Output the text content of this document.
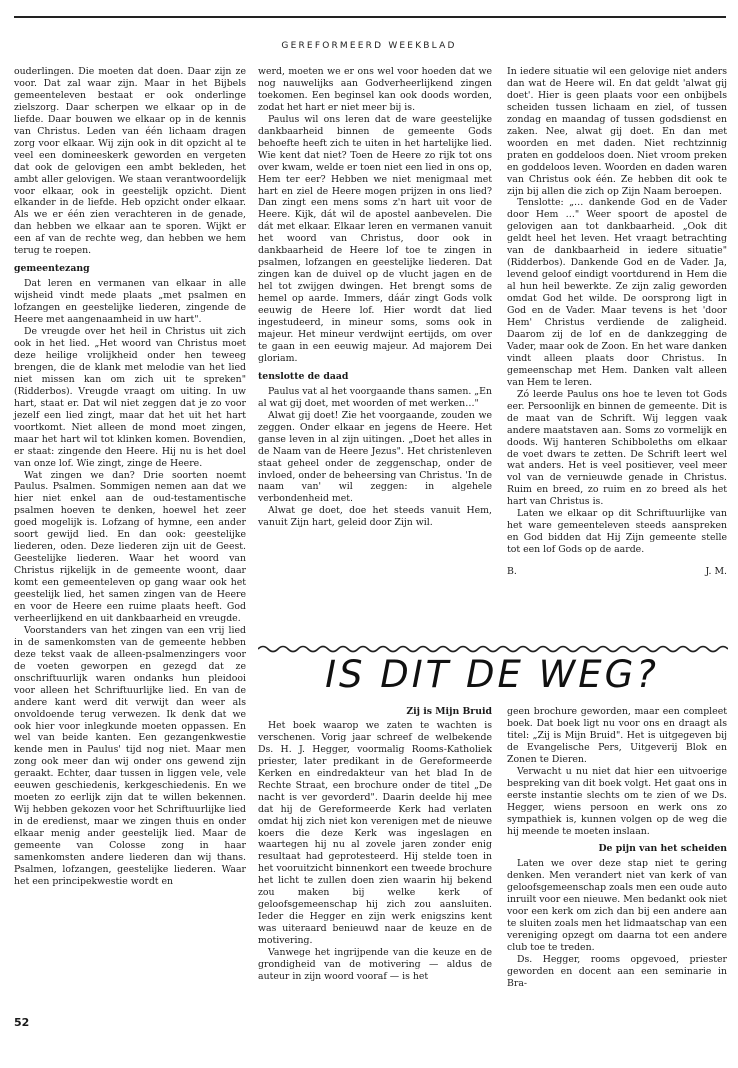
GEREFORMEERD WEEKBLAD

ouderlingen. Die moeten dat doen. Daar zijn ze voor. Dat zal waar zijn. Maar in het Bijbels gemeenteleven bestaat er ook onderlinge zielszorg. Daar scherpen we elkaar op in de liefde. Daar bouwen we elkaar op in de kennis van Christus. Leden van één lichaam dragen zorg voor elkaar. Wij zijn ook in dit opzicht al te veel een domineeskerk geworden en vergeten dat ook de gelovigen een ambt bekleden, het ambt aller gelovigen. We staan verantwoordelijk voor elkaar, ook in geestelijk opzicht. Dient elkander in de liefde. Heb opzicht onder elkaar. Als we er één zien verachteren in de genade, dan hebben we elkaar aan te sporen. Wijkt er een af van de rechte weg, dan hebben we hem terug te roepen.

gemeentezang

Dat leren en vermanen van elkaar in alle wijsheid vindt mede plaats „met psalmen en lofzangen en geestelijke liederen, zingende de Heere met aangenaamheid in uw hart".

De vreugde over het heil in Christus uit zich ook in het lied. „Het woord van Christus moet deze heilige vrolijkheid onder hen teweeg brengen, die de klank met melodie van het lied niet missen kan om zich uit te spreken" (Ridderbos). Vreugde vraagt om uiting. In uw hart, staat er. Dat wil niet zeggen dat je zo voor jezelf een lied zingt, maar dat het uit het hart voortkomt. Niet alleen de mond moet zingen, maar het hart wil tot klinken komen. Bovendien, er staat: zingende den Heere. Hij nu is het doel van onze lof. Wie zingt, zinge de Heere.

Wat zingen we dan? Drie soorten noemt Paulus. Psalmen. Sommigen nemen aan dat we hier niet enkel aan de oud-testamentische psalmen hoeven te denken, hoewel het zeer goed mogelijk is. Lofzang of hymne, een ander soort gewijd lied. En dan ook: geestelijke liederen, oden. Deze liederen zijn uit de Geest. Geestelijke liederen. Waar het woord van Christus rijkelijk in de gemeente woont, daar komt een gemeenteleven op gang waar ook het geestelijk lied, het samen zingen van de Heere en voor de Heere een ruime plaats heeft. God verheerlijkend en uit dankbaarheid en vreugde.

Voorstanders van het zingen van een vrij lied in de samenkomsten van de gemeente hebben deze tekst vaak de alleen-psalmenzingers voor de voeten geworpen en gezegd dat ze onschriftuurlijk waren ondanks hun pleidooi voor alleen het Schriftuurlijke lied. En van de andere kant werd dit verwijt dan weer als onvoldoende terug verwezen. Ik denk dat we ook hier voor inlegkunde moeten oppassen. En wel van beide kanten. Een gezangenkwestie kende men in Paulus' tijd nog niet. Maar men zong ook meer dan wij onder ons gewend zijn geraakt. Echter, daar tussen in liggen vele, vele eeuwen geschiedenis, kerkgeschiedenis. En we moeten zo eerlijk zijn dat te willen bekennen. Wij hebben gekozen voor het Schriftuurlijke lied in de eredienst, maar we zingen thuis en onder elkaar menig ander geestelijk lied. Maar de gemeente van Colosse zong in haar samenkomsten andere liederen dan wij thans. Psalmen, lofzangen, geestelijke liederen. Waar het een principekwestie wordt en

werd, moeten we er ons wel voor hoeden dat we nog nauwelijks aan Godverheerlijkend zingen toekomen. Een beginsel kan ook doods worden, zodat het hart er niet meer bij is.

Paulus wil ons leren dat de ware geestelijke dankbaarheid binnen de gemeente Gods behoefte heeft zich te uiten in het hartelijke lied. Wie kent dat niet? Toen de Heere zo rijk tot ons over kwam, welde er toen niet een lied in ons op, Hem ter eer? Hebben we niet menigmaal met hart en ziel de Heere mogen prijzen in ons lied? Dan zingt een mens soms z'n hart uit voor de Heere. Kijk, dát wil de apostel aanbevelen. Die dát met elkaar. Elkaar leren en vermanen vanuit het woord van Christus, door ook in dankbaarheid de Heere lof toe te zingen in psalmen, lofzangen en geestelijke liederen. Dat zingen kan de duivel op de vlucht jagen en de hel tot zwijgen dwingen. Het brengt soms de hemel op aarde. Immers, dáár zingt Gods volk eeuwig de Heere lof. Hier wordt dat lied ingestudeerd, in mineur soms, soms ook in majeur. Het mineur verdwijnt eertijds, om over te gaan in een eeuwig majeur. Ad majorem Dei gloriam.

tenslotte de daad

Paulus vat al het voorgaande thans samen. „En al wat gij doet, met woorden of met werken…"

Alwat gij doet! Zie het voorgaande, zouden we zeggen. Onder elkaar en jegens de Heere. Het ganse leven in al zijn uitingen. „Doet het alles in de Naam van de Heere Jezus". Het christenleven staat geheel onder de zeggenschap, onder de invloed, onder de beheersing van Christus. 'In de naam van' wil zeggen: in algehele verbondenheid met.

Alwat ge doet, doe het steeds vanuit Hem, vanuit Zijn hart, geleid door Zijn wil.

In iedere situatie wil een gelovige niet anders dan wat de Heere wil. En dat geldt 'alwat gij doet'. Hier is geen plaats voor een onbijbels scheiden tussen lichaam en ziel, of tussen zondag en maandag of tussen godsdienst en zaken. Nee, alwat gij doet. En dan met woorden en met daden. Niet rechtzinnig praten en goddeloos doen. Niet vroom preken en goddeloos leven. Woorden en daden waren van Christus ook één. Ze hebben dit ook te zijn bij allen die zich op Zijn Naam beroepen.

Tenslotte: „… dankende God en de Vader door Hem …" Weer spoort de apostel de gelovigen aan tot dankbaarheid. „Ook dit geldt heel het leven. Het vraagt betrachting van de dankbaarheid in iedere situatie" (Ridderbos). Dankende God en de Vader. Ja, levend geloof eindigt voortdurend in Hem die al hun heil bewerkte. Ze zijn zalig geworden omdat God het wilde. De oorsprong ligt in God en de Vader. Maar tevens is het 'door Hem' Christus verdiende de zaligheid. Daarom zij de lof en de dankzegging de Vader, maar ook de Zoon. En het ware danken vindt alleen plaats door Christus. In gemeenschap met Hem. Danken valt alleen van Hem te leren.

Zó leerde Paulus ons hoe te leven tot Gods eer. Persoonlijk en binnen de gemeente. Dit is de maat van de Schrift. Wij leggen vaak andere maatstaven aan. Soms zo vormelijk en doods. Wij hanteren Schibboleths om elkaar de voet dwars te zetten. De Schrift leert wel wat anders. Het is veel positiever, veel meer vol van de vernieuwde genade in Christus. Ruim en breed, zo ruim en zo breed als het hart van Christus is.

Laten we elkaar op dit Schriftuurlijke van het ware gemeenteleven steeds aanspreken en God bidden dat Hij Zijn gemeente stelle tot een lof Gods op de aarde.

B.	J. M.
IS DIT DE WEG?
Zij is Mijn Bruid

Het boek waarop we zaten te wachten is verschenen. Vorig jaar schreef de welbekende Ds. H. J. Hegger, voormalig Rooms-Katholiek priester, later predikant in de Gereformeerde Kerken en eindredakteur van het blad In de Rechte Straat, een brochure onder de titel „De nacht is ver gevorderd". Daarin deelde hij mee dat hij de Gereformeerde Kerk had verlaten omdat hij zich niet kon verenigen met de nieuwe koers die deze Kerk was ingeslagen en waartegen hij nu al zovele jaren zonder enig resultaat had geprotesteerd. Hij stelde toen in het vooruitzicht binnenkort een tweede brochure het licht te zullen doen zien waarin hij bekend zou maken bij welke kerk of geloofsgemeenschap hij zich zou aansluiten. Ieder die Hegger en zijn werk enigszins kent was uiteraard benieuwd naar de keuze en de motivering.

Vanwege het ingrijpende van die keuze en de grondigheid van de motivering — aldus de auteur in zijn woord vooraf — is het

geen brochure geworden, maar een compleet boek. Dat boek ligt nu voor ons en draagt als titel: „Zij is Mijn Bruid". Het is uitgegeven bij de Evangelische Pers, Uitgeverij Blok en Zonen te Dieren.

Verwacht u nu niet dat hier een uitvoerige bespreking van dit boek volgt. Het gaat ons in eerste instantie slechts om te zien of we Ds. Hegger, wiens persoon en werk ons zo sympathiek is, kunnen volgen op de weg die hij meende te moeten inslaan.

De pijn van het scheiden

Laten we over deze stap niet te gering denken. Men verandert niet van kerk of van geloofsgemeenschap zoals men een oude auto inruilt voor een nieuwe. Men bedankt ook niet voor een kerk om zich dan bij een andere aan te sluiten zoals men het lidmaatschap van een vereniging opzegt om daarna tot een andere club toe te treden.

Ds. Hegger, rooms opgevoed, priester geworden en docent aan een seminarie in Bra-

52
